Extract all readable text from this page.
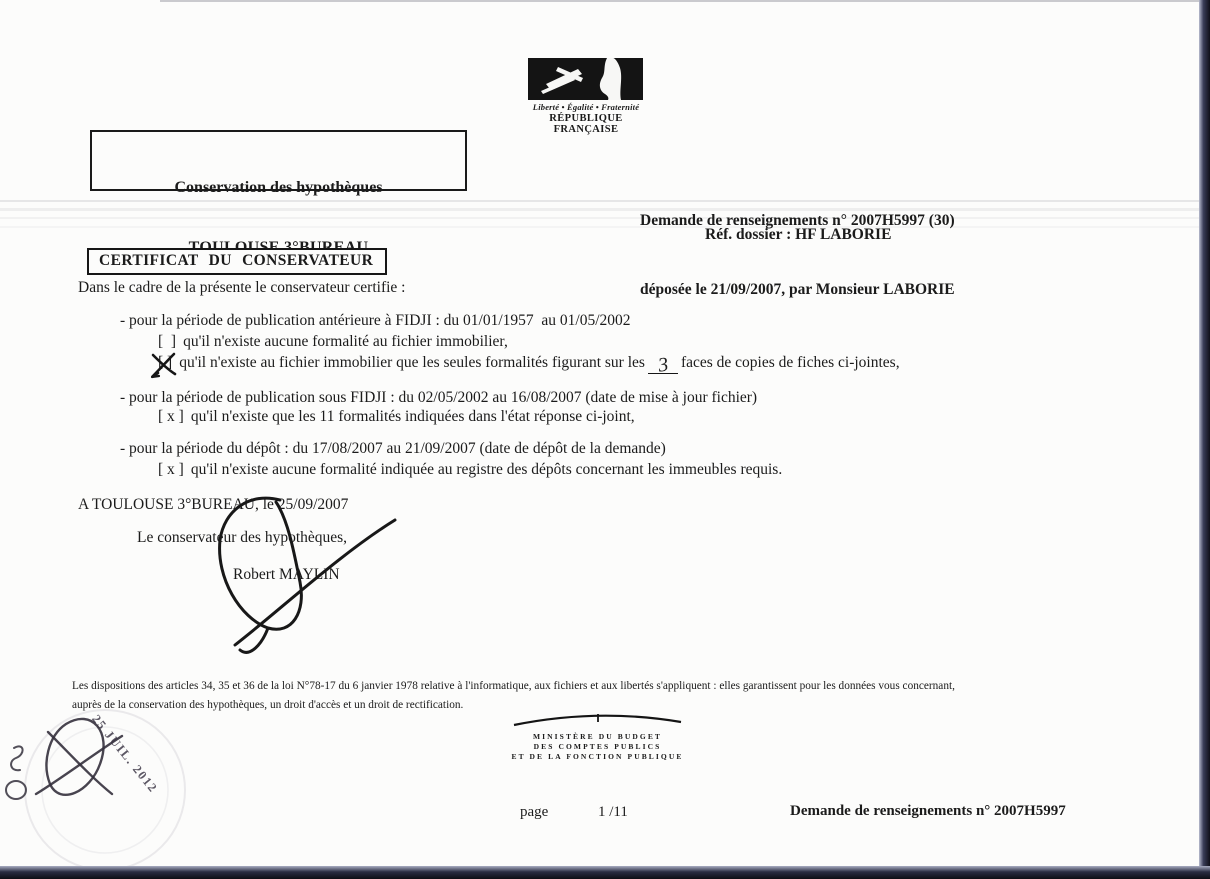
Liberté • Égalité • Fraternité
RÉPUBLIQUE FRANÇAISE

Conservation des hypothèques

Demande de renseignements n° 2007H5997 (30)

déposée le 21/09/2007, par Monsieur LABORIE

Réf. dossier : HF LABORIE
CERTIFICAT DU CONSERVATEUR
Dans le cadre de la présente le conservateur certifie :
- pour la période de publication antérieure à FIDJI : du 01/01/1957  au 01/05/2002
[  ] qu'il n'existe aucune formalité au fichier immobilier,
[ ] qu'il n'existe au fichier immobilier que les seules formalités figurant sur les 3 faces de copies de fiches ci-jointes,
- pour la période de publication sous FIDJI : du 02/05/2002 au 16/08/2007 (date de mise à jour fichier)
[ x ] qu'il n'existe que les 11 formalités indiquées dans l'état réponse ci-joint,
- pour la période du dépôt : du 17/08/2007 au 21/09/2007 (date de dépôt de la demande)
[ x ] qu'il n'existe aucune formalité indiquée au registre des dépôts concernant les immeubles requis.
A TOULOUSE 3°BUREAU, le 25/09/2007
Le conservateur des hypothèques,
Robert MAYLIN
Les dispositions des articles 34, 35 et 36 de la loi N°78-17 du 6 janvier 1978 relative à l'informatique, aux fichiers et aux libertés s'appliquent : elles garantissent pour les données vous concernant,
auprès de la conservation des hypothèques, un droit d'accès et un droit de rectification.
25 JUIL. 2012	MINISTÈRE DU BUDGET
DES COMPTES PUBLICS
ET DE LA FONCTION PUBLIQUE
page	1 /11	Demande de renseignements n° 2007H5997
